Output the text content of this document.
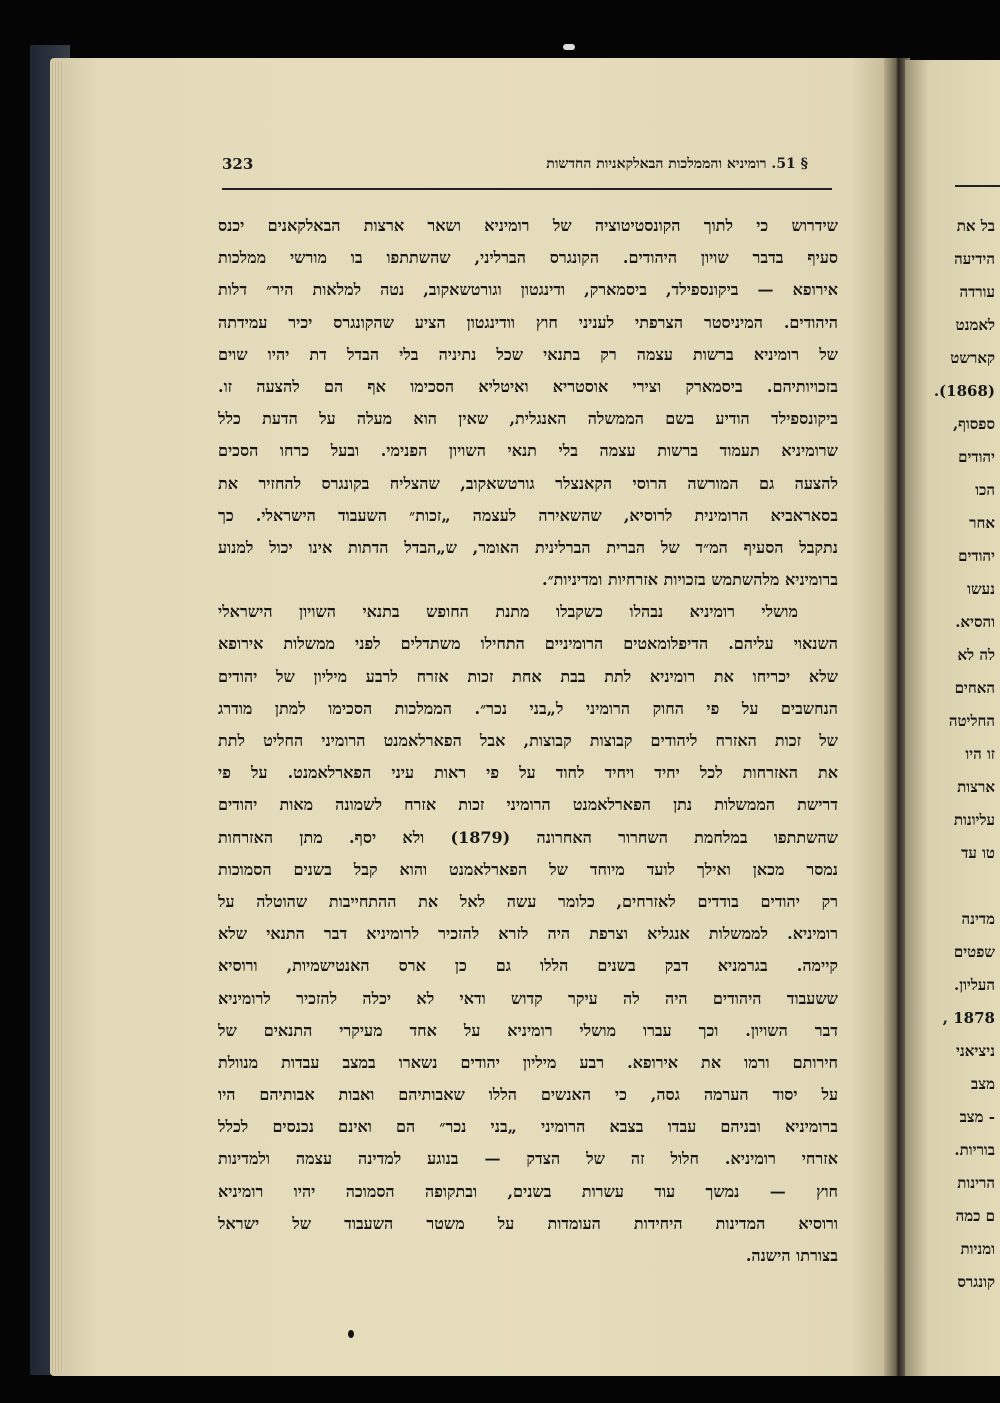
323	§ 51. רומיניא והממלכות הבאלקאניות החדשות
שידרוש כי לתוך הקונסטיטוציה של רומיניא ושאר ארצות הבאלקאנים יכנס
סעיף בדבר שויון היהודים. הקונגרס הברליני, שהשתתפו בו מורשי ממלכות
אירופא — ביקונספילד, ביסמארק, ודינגטון וגורטשאקוב, נטה למלאות היר״ דלות
היהודים. המיניסטר הצרפתי לעניני חוץ וודינגטון הציע שהקונגרס יכיר עמידתה
של רומיניא ברשות עצמה רק בתנאי שכל נתיניה בלי הבדל דת יהיו שוים
בזכויותיהם. ביסמארק וצירי אוסטריא ואיטליא הסכימו אף הם להצעה זו.
ביקונספילד הודיע בשם הממשלה האנגלית, שאין הוא מעלה על הדעת כלל
שרומיניא תעמוד ברשות עצמה בלי תנאי השויון הפנימי. ובעל כרחו הסכים
להצעה גם המורשה הרוסי הקאנצלר גורטשאקוב, שהצליח בקונגרס להחזיר את
בסאראביא הרומינית לרוסיא, שהשאירה לעצמה „זכות״ השעבוד הישראלי. כך
נתקבל הסעיף המ״ד של הברית הברלינית האומר, ש„הבדל הדתות אינו יכול למנוע
ברומיניא מלהשתמש בזכויות אזרחיות ומדיניות״.
מושלי רומיניא נבהלו כשקבלו מתנת החופש בתנאי השויון הישראלי
השנאוי עליהם. הדיפלומאטים הרומיניים התחילו משתדלים לפני ממשלות אירופא
שלא יכריחו את רומיניא לתת בבת אחת זכות אזרח לרבע מיליון של יהודים
הנחשבים על פי החוק הרומיני ל„בני נכר״. הממלכות הסכימו למתן מודרג
של זכות האזרח ליהודים קבוצות קבוצות, אבל הפארלאמנט הרומיני החליט לתת
את האזרחות לכל יחיד ויחיד לחוד על פי ראות עיני הפארלאמנט. על פי
דרישת הממשלות נתן הפארלאמנט הרומיני זכות אזרח לשמונה מאות יהודים
שהשתתפו במלחמת השחרור האחרונה (1879) ולא יסף. מתן האזרחות
נמסר מכאן ואילך לועד מיוחד של הפארלאמנט והוא קבל בשנים הסמוכות
רק יהודים בודדים לאזרחים, כלומר עשה לאל את ההתחייבות שהוטלה על
רומיניא. לממשלות אנגליא וצרפת היה לזרא להזכיר לרומיניא דבר התנאי שלא
קיימה. בגרמניא דבק בשנים הללו גם כן ארס האנטישמיות, ורוסיא
ששעבוד היהודים היה לה עיקר קדוש ודאי לא יכלה להזכיר לרומיניא
דבר השויון. וכך עברו מושלי רומיניא על אחד מעיקרי התנאים של
חירותם ורמו את אירופא. רבע מיליון יהודים נשארו במצב עבדות מנוולת
על יסוד הערמה גסה, כי האנשים הללו שאבותיהם ואבות אבותיהם היו
ברומיניא ובניהם עבדו בצבא הרומיני „בני נכר״ הם ואינם נכנסים לכלל
אזרחי רומיניא. חלול זה של הצדק — בנוגע למדינה עצמה ולמדינות
חוץ — נמשך עוד עשרות בשנים, ובתקופה הסמוכה יהיו רומיניא
ורוסיא המדינות היחידות העומדות על משטר השעבוד של ישראל
בצורתו הישנה.
בל את
הידיעה
עורדה
לאמנט
קארשט
(1868).
ספסוף,
יהודים
הכו
אחר
יהודים
נעשו
והסיא.
לה לא
האחים
החליטה
זו היו
ארצות
עליונות
טו עד
מדינה
שפטים
העליון.
1878 ,
ניציאני
מצב
- מצב
בוריות.
הרינות
ם כמה
ומניות
קונגרס
